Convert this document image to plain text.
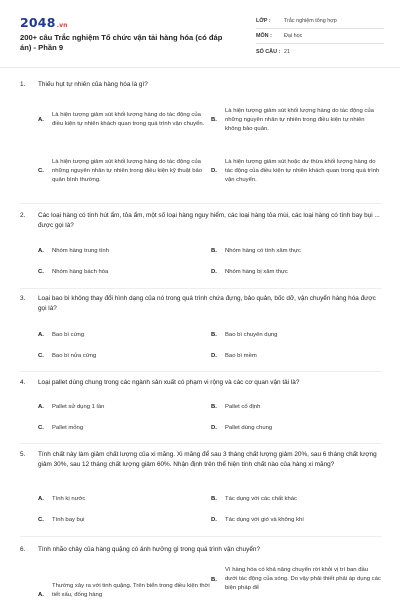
2048.vn
200+ câu Trắc nghiệm Tổ chức vận tải hàng hóa (có đáp án) - Phần 9
LỚP :	Trắc nghiệm tổng hợp
MÔN :	Đại học
SỐ CÂU : 21
1.	Thiếu hụt tự nhiên của hàng hóa là gì?
A.
Là hiện tượng giảm sút khối lượng hàng do tác động của điều kiện tự nhiên khách quan trong quá trình vận chuyển.
B.
Là hiện tượng giảm sút khối lượng hàng do tác động của những nguyên nhân tự nhiên trong điều kiện tự nhiên không bảo quản.
C.
Là hiện tượng giảm sút khối lượng hàng do tác động của những nguyên nhân tự nhiên trong điều kiện kỹ thuật bảo quản bình thường.
D.
Là hiện tượng giảm sút hoặc dư thừa khối lượng hàng do tác động của điều kiện tự nhiên khách quan trong quá trình vận chuyển.
2.	Các loại hàng có tính hút ẩm, tỏa ẩm, một số loại hàng nguy hiểm, các loại hàng tỏa mùi, các loại hàng có tính bay bụi ... được gọi là?
A.	Nhóm hàng trung tính	B.	Nhóm hàng có tính xâm thực
C.	Nhóm hàng bách hóa	D.	Nhóm hàng bị xâm thực
3.	Loại bao bì không thay đổi hình dạng của nó trong quá trình chứa đựng, bảo quản, bốc dỡ, vận chuyển hàng hóa được gọi là?
A.	Bao bì cứng	B.	Bao bì chuyên dụng
C.	Bao bì nửa cứng	D.	Bao bì mềm
4.	Loại pallet dùng chung trong các ngành sản xuất có phạm vi rộng và các cơ quan vận tải là?
A.	Pallet sử dụng 1 lần	B.	Pallet cố định
C.	Pallet mỏng	D.	Pallet dùng chung
5.	Tính chất này làm giảm chất lượng của xi măng. Xi măng để sau 3 tháng chất lượng giảm 20%, sau 6 tháng chất lượng giảm 30%, sau 12 tháng chất lượng giảm 60%. Nhận định trên thể hiện tính chất nào của hàng xi măng?
A.	Tính kị nước	B.	Tác dụng với các chất khác
C.	Tính bay bụi	D.	Tác dụng với gió và không khí
6.	Tính nhão chảy của hàng quặng có ảnh hưởng gì trong quá trình vận chuyển?
A.
Thường xảy ra với tinh quặng. Trên biển trong điều kiện thời tiết xấu, đống hàng
B.
Vì hàng hóa có khả năng chuyển rời khỏi vị trí ban đầu dưới tác động của sóng. Do vậy phải thiết phải áp dụng các biện pháp để
